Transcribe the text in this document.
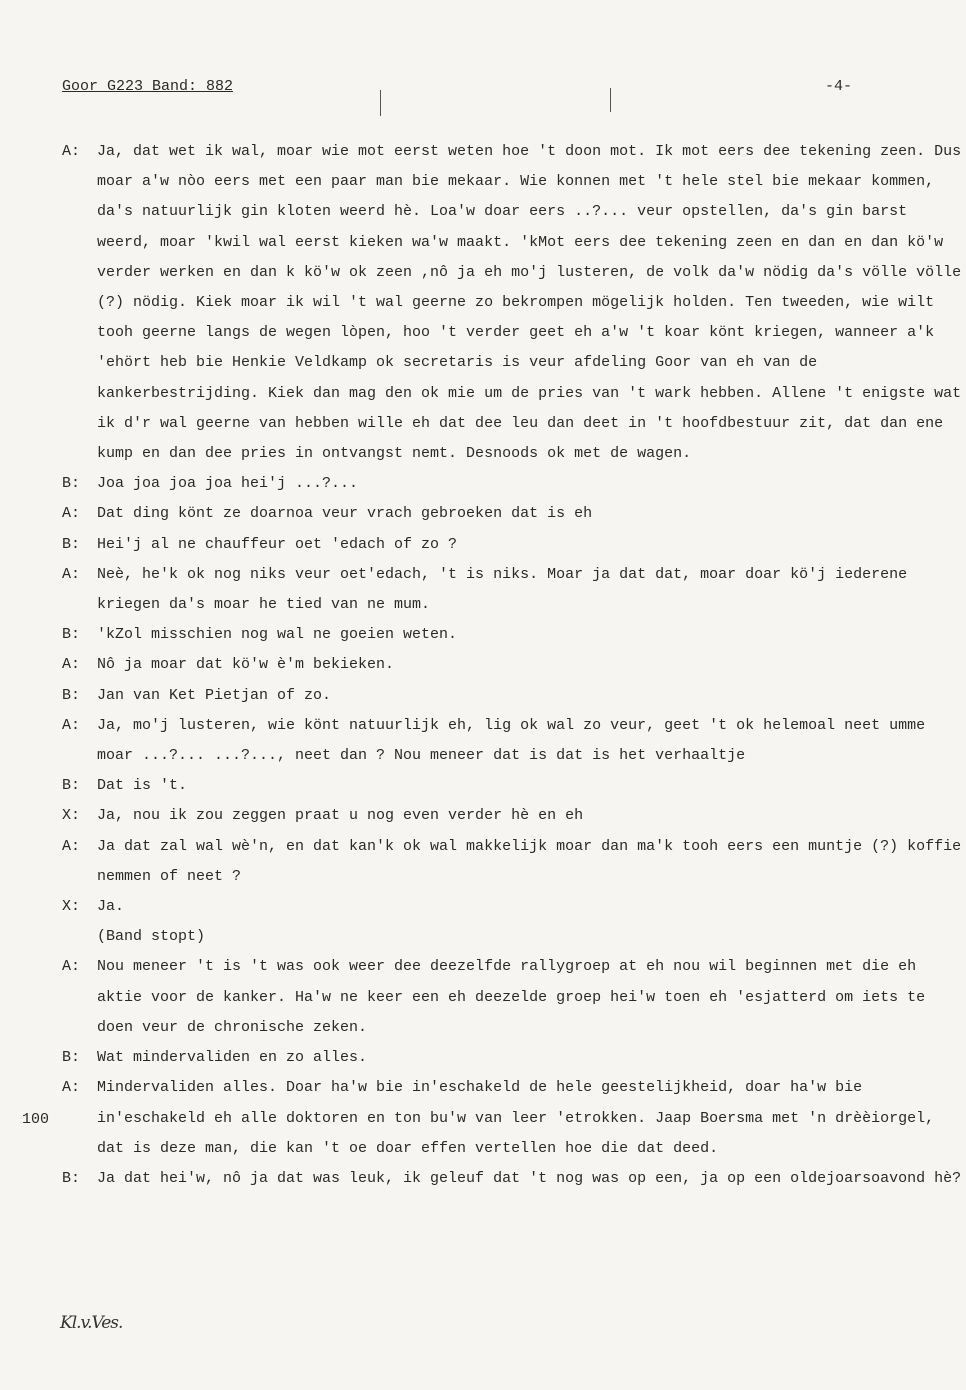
Goor G223 Band: 882	-4-
A:	Ja, dat wet ik wal, moar wie mot eerst weten hoe 't doon mot. Ik mot eers dee tekening zeen. Dus moar a'w nòo eers met een paar man bie mekaar. Wie konnen met 't hele stel bie mekaar kommen, da's natuurlijk gin kloten weerd hè. Loa'w doar eers ..?... veur opstellen, da's gin barst weerd, moar 'kwil wal eerst kieken wa'w maakt. 'kMot eers dee tekening zeen en dan en dan kö'w verder werken en dan k kö'w ok zeen ,nô ja eh mo'j lusteren, de volk da'w nödig da's völle völle (?) nödig. Kiek moar ik wil 't wal geerne zo bekrompen mögelijk holden. Ten tweeden, wie wilt tooh geerne langs de wegen lòpen, hoo 't verder geet eh a'w 't koar könt kriegen, wanneer a'k 'ehört heb bie Henkie Veldkamp ok secretaris is veur afdeling Goor van eh van de kankerbestrijding. Kiek dan mag den ok mie um de pries van 't wark hebben. Allene 't enigste wat ik d'r wal geerne van hebben wille eh dat dee leu dan deet in 't hoofdbestuur zit, dat dan ene kump en dan dee pries in ontvangst nemt. Desnoods ok met de wagen.
B:	Joa joa joa joa hei'j ...?...
A:	Dat ding könt ze doarnoa veur vrach gebroeken dat is eh
B:	Hei'j al ne chauffeur oet 'edach of zo ?
A:	Neè, he'k ok nog niks veur oet'edach, 't is niks. Moar ja dat dat, moar doar kö'j iederene kriegen da's moar he tied van ne mum.
B:	'kZol misschien nog wal ne goeien weten.
A:	Nô ja moar dat kö'w è'm bekieken.
B:	Jan van Ket Pietjan of zo.
A:	Ja, mo'j lusteren, wie könt natuurlijk eh, lig ok wal zo veur, geet 't ok helemoal neet umme moar ...?... ...?..., neet dan ? Nou meneer dat is dat is het verhaaltje
B:	Dat is 't.
X:	Ja, nou ik zou zeggen praat u nog even verder hè en eh
A:	Ja dat zal wal wè'n, en dat kan'k ok wal makkelijk moar dan ma'k tooh eers een muntje (?) koffie nemmen of neet ?
X:	Ja.
(Band stopt)
A:	Nou meneer 't is 't was ook weer dee deezelfde rallygroep at eh nou wil beginnen met die eh aktie voor de kanker. Ha'w ne keer een eh deezelde groep hei'w toen eh 'esjatterd om iets te doen veur de chronische zeken.
B:	Wat mindervaliden en zo alles.
A:	Mindervaliden alles. Doar ha'w bie in'eschakeld de hele geestelijkheid, doar ha'w bie in'eschakeld eh alle doktoren en ton bu'w van leer 'etrokken. Jaap Boersma met 'n drèèiorgel, dat is deze man, die kan 't oe doar effen vertellen hoe die dat deed.
B:	Ja dat hei'w, nô ja dat was leuk, ik geleuf dat 't nog was op een, ja op een oldejoarsoavond hè?
100
Kl.v.Ves.
